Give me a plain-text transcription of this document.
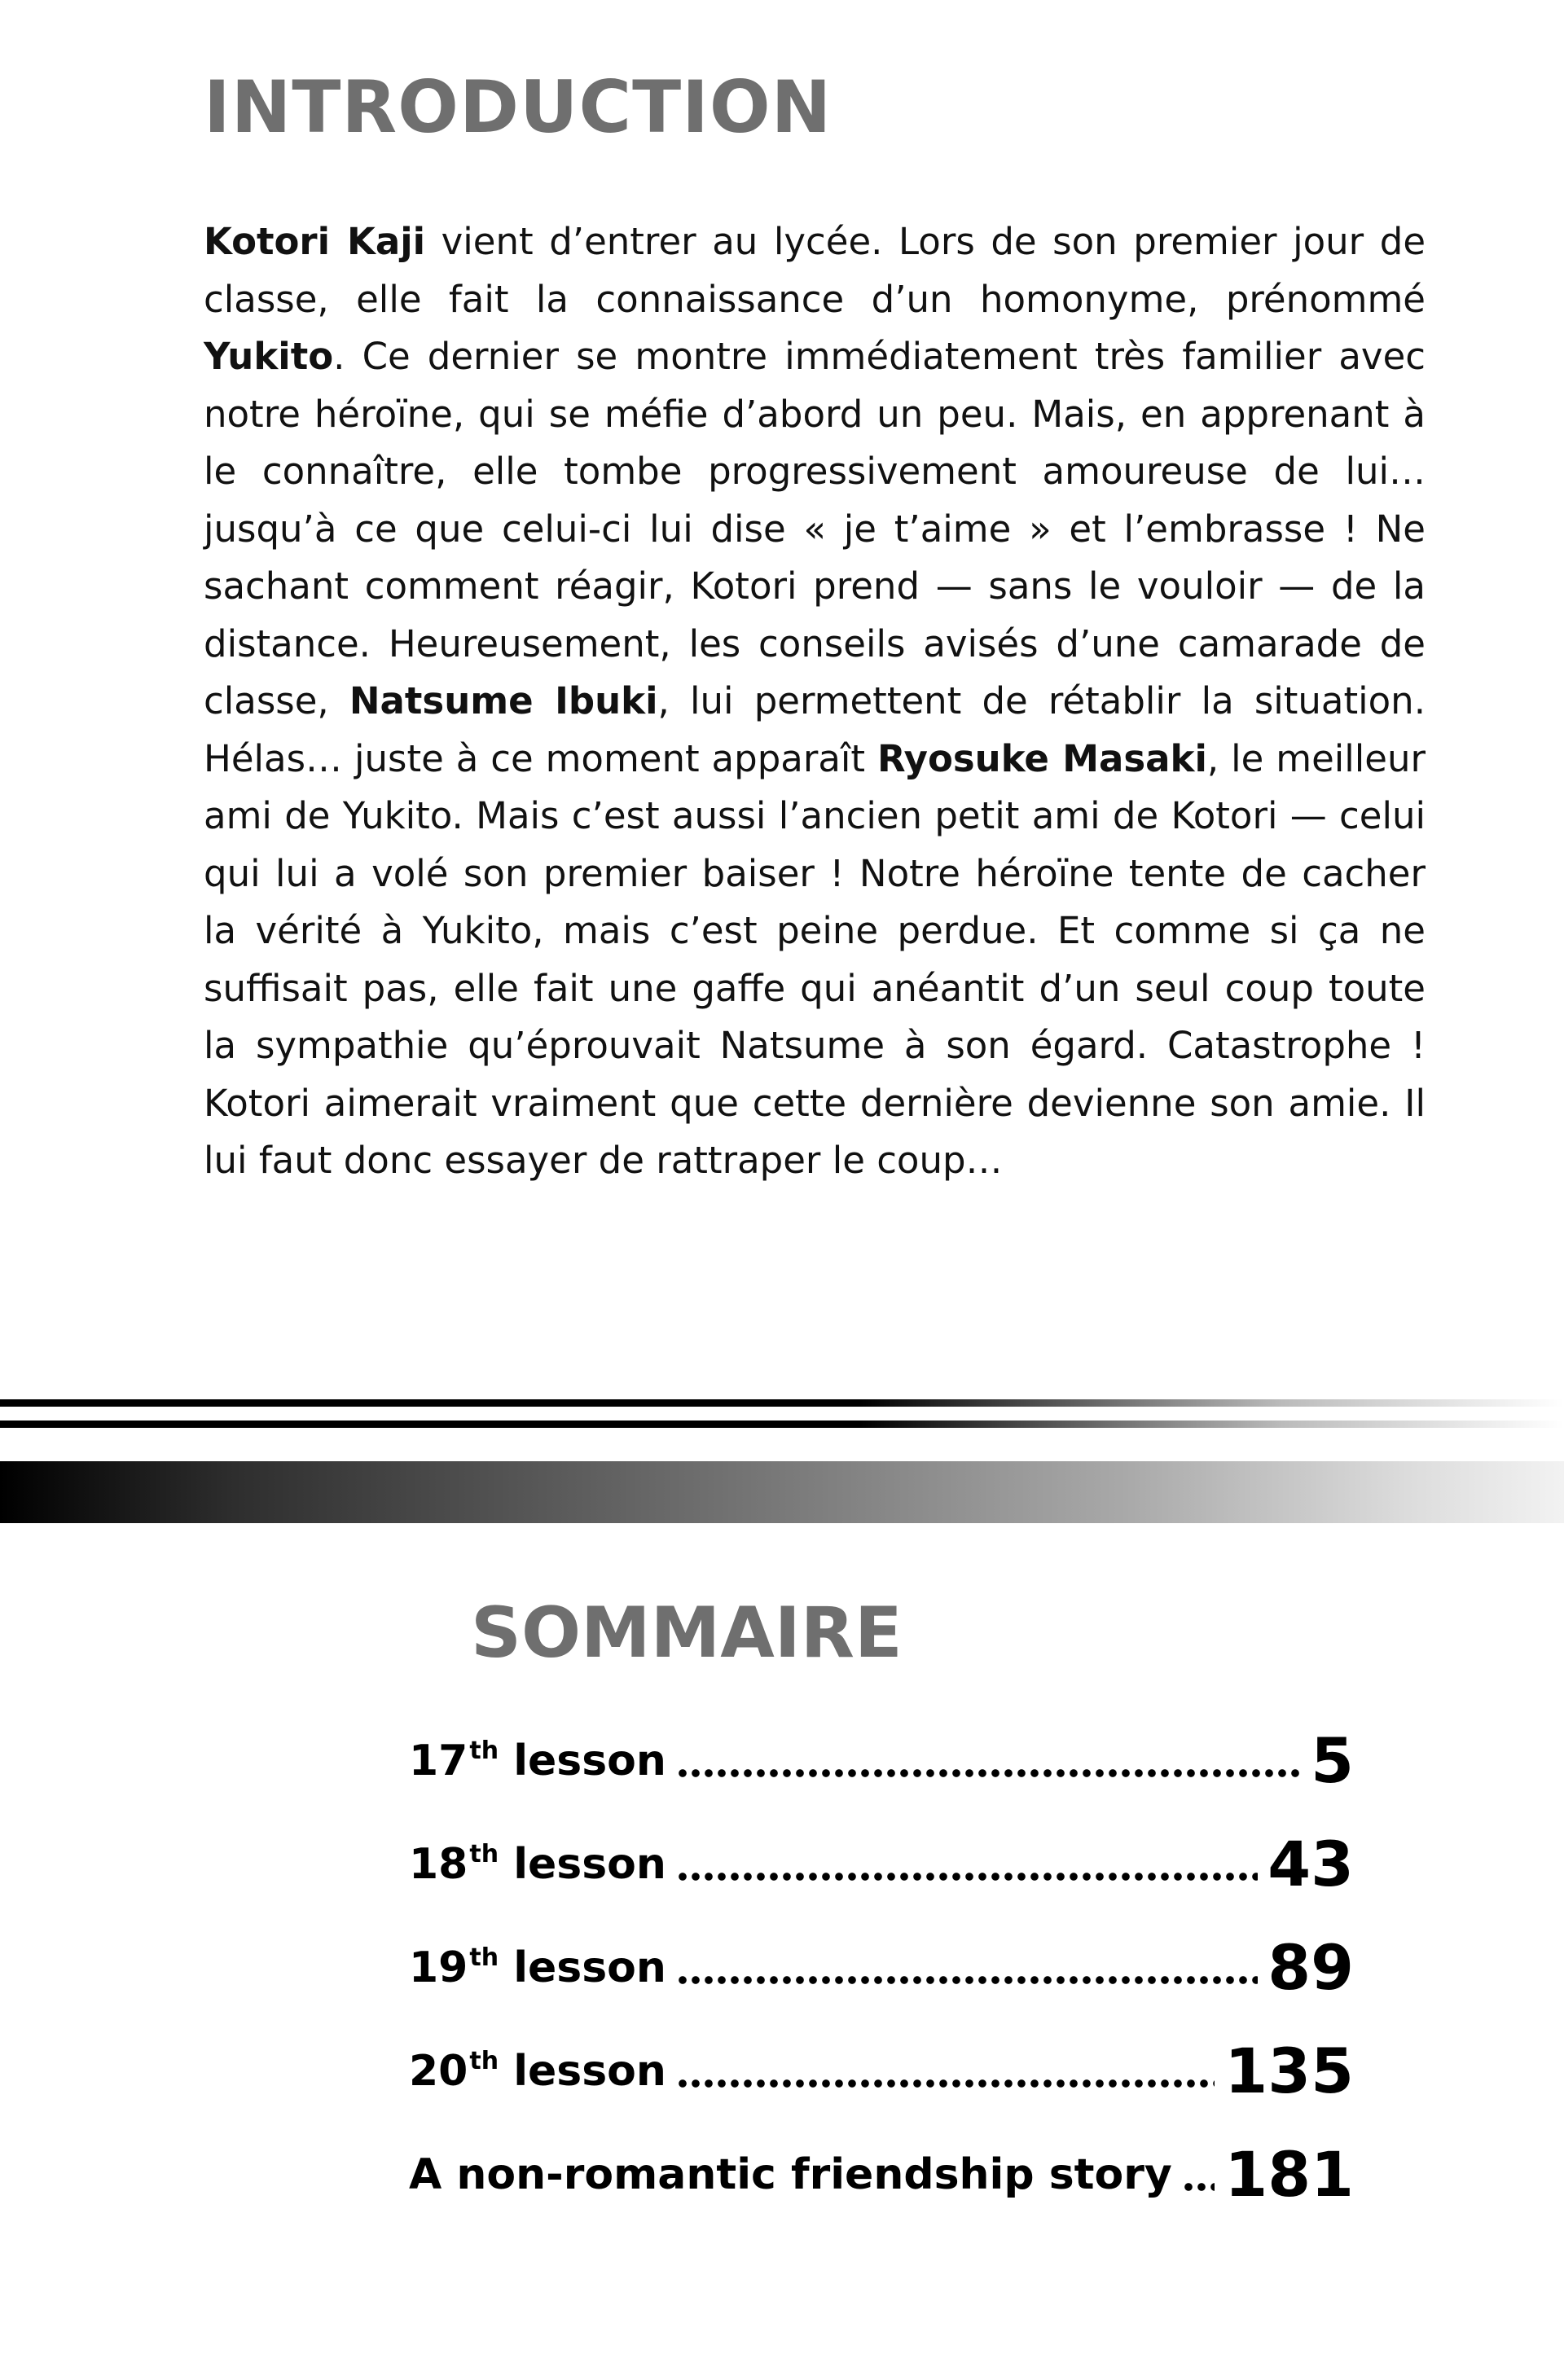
INTRODUCTION

Kotori Kaji vient d’entrer au lycée. Lors de son premier jour de classe, elle fait la connaissance d’un homonyme, prénommé Yukito. Ce dernier se montre immédiatement très familier avec notre héroïne, qui se méfie d’abord un peu. Mais, en apprenant à le connaître, elle tombe progressivement amoureuse de lui… jusqu’à ce que celui-ci lui dise « je t’aime » et l’embrasse ! Ne sachant comment réagir, Kotori prend — sans le vouloir — de la distance. Heureusement, les conseils avisés d’une camarade de classe, Natsume Ibuki, lui permettent de rétablir la situation. Hélas… juste à ce moment apparaît Ryosuke Masaki, le meilleur ami de Yukito. Mais c’est aussi l’ancien petit ami de Kotori — celui qui lui a volé son premier baiser ! Notre héroïne tente de cacher la vérité à Yukito, mais c’est peine perdue. Et comme si ça ne suffisait pas, elle fait une gaffe qui anéantit d’un seul coup toute la sympathie qu’éprouvait Natsume à son égard. Catastrophe ! Kotori aimerait vraiment que cette dernière devienne son amie. Il lui faut donc essayer de rattraper le coup…

SOMMAIRE
17th lesson	5
18th lesson	43
19th lesson	89
20th lesson	135
A non-romantic friendship story 181
